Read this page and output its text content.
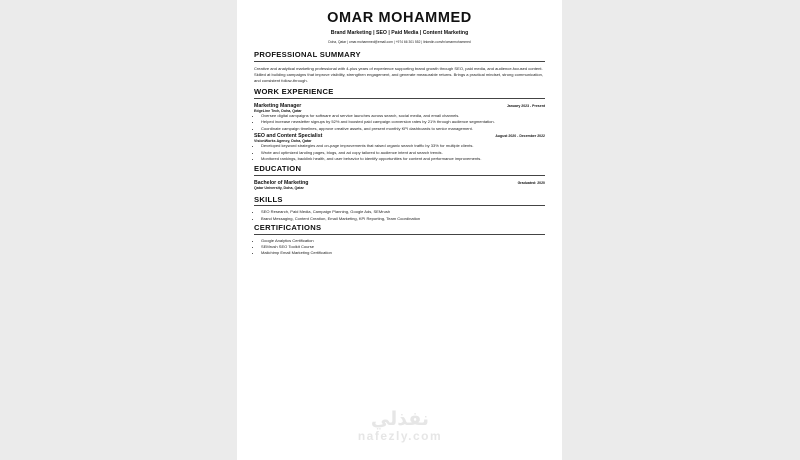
OMAR MOHAMMED
Brand Marketing | SEO | Paid Media | Content Marketing
Doha, Qatar | omar.mohammed@email.com | +974 66 301 552 | linkedin.com/in/omarmohammed
PROFESSIONAL SUMMARY
Creative and analytical marketing professional with 4-plus years of experience supporting brand growth through SEO, paid media, and audience-focused content. Skilled at building campaigns that improve visibility, strengthen engagement, and generate measurable returns. Brings a practical mindset, strong communication, and consistent follow-through.
WORK EXPERIENCE
Marketing Manager	January 2023 - Present
EdgeLine Tech, Doha, Qatar
• Oversee digital campaigns for software and service launches across search, social media, and email channels.
• Helped increase newsletter signups by 52% and boosted paid campaign conversion rates by 21% through audience segmentation.
• Coordinate campaign timelines, approve creative assets, and present monthly KPI dashboards to senior management.
SEO and Content Specialist	August 2020 - December 2022
VisionWorks Agency, Doha, Qatar
• Developed keyword strategies and on-page improvements that raised organic search traffic by 33% for multiple clients.
• Wrote and optimized landing pages, blogs, and ad copy tailored to audience intent and search trends.
• Monitored rankings, backlink health, and user behavior to identify opportunities for content and performance improvements.
EDUCATION
Bachelor of Marketing	Graduated: 2020
Qatar University, Doha, Qatar
SKILLS
• SEO Research, Paid Media, Campaign Planning, Google Ads, SEMrush
• Brand Messaging, Content Creation, Email Marketing, KPI Reporting, Team Coordination
CERTIFICATIONS
• Google Analytics Certification
• SEMrush SEO Toolkit Course
• Mailchimp Email Marketing Certification
نفذلي
nafezly.com
